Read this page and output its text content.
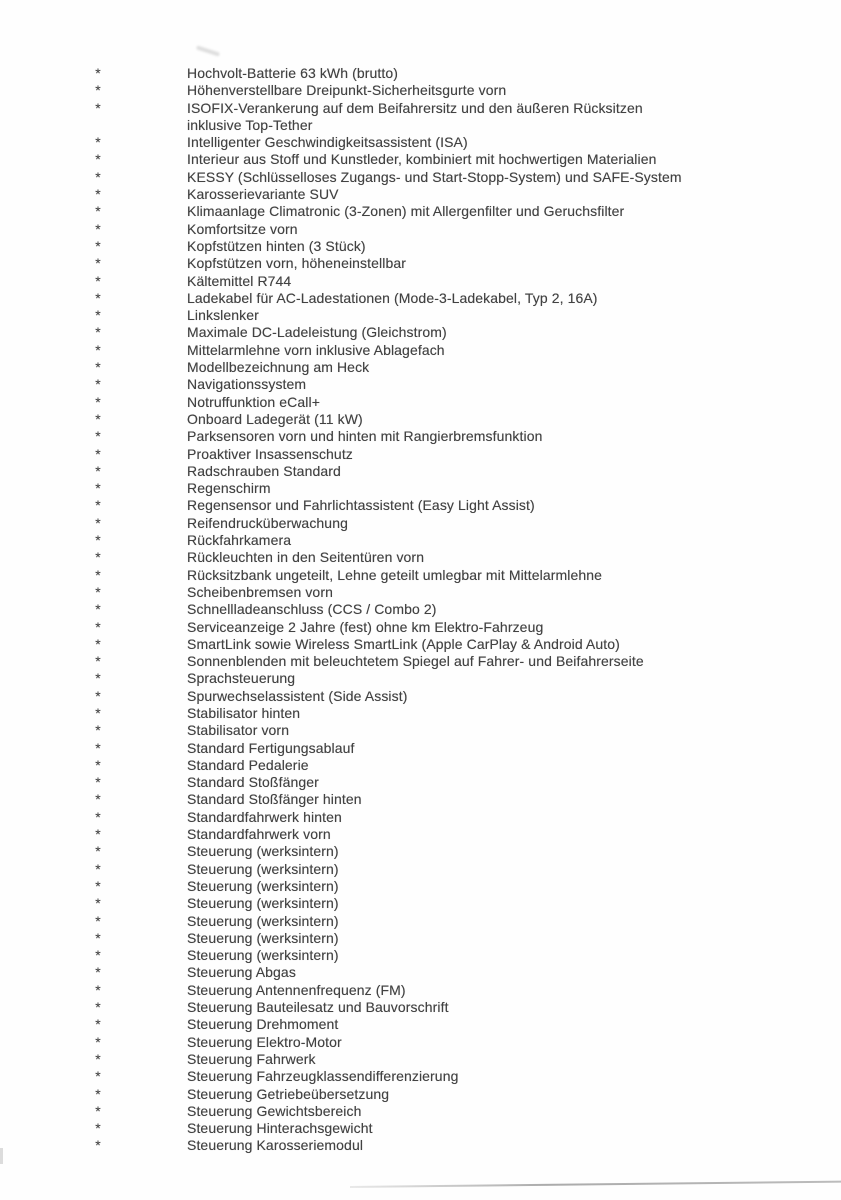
*	Hochvolt-Batterie 63 kWh (brutto)
*	Höhenverstellbare Dreipunkt-Sicherheitsgurte vorn
*	ISOFIX-Verankerung auf dem Beifahrersitz und den äußeren Rücksitzen
inklusive Top-Tether
*	Intelligenter Geschwindigkeitsassistent (ISA)
*	Interieur aus Stoff und Kunstleder, kombiniert mit hochwertigen Materialien
*	KESSY (Schlüsselloses Zugangs- und Start-Stopp-System) und SAFE-System
*	Karosserievariante SUV
*	Klimaanlage Climatronic (3-Zonen) mit Allergenfilter und Geruchsfilter
*	Komfortsitze vorn
*	Kopfstützen hinten (3 Stück)
*	Kopfstützen vorn, höheneinstellbar
*	Kältemittel R744
*	Ladekabel für AC-Ladestationen (Mode-3-Ladekabel, Typ 2, 16A)
*	Linkslenker
*	Maximale DC-Ladeleistung (Gleichstrom)
*	Mittelarmlehne vorn inklusive Ablagefach
*	Modellbezeichnung am Heck
*	Navigationssystem
*	Notruffunktion eCall+
*	Onboard Ladegerät (11 kW)
*	Parksensoren vorn und hinten mit Rangierbremsfunktion
*	Proaktiver Insassenschutz
*	Radschrauben Standard
*	Regenschirm
*	Regensensor und Fahrlichtassistent (Easy Light Assist)
*	Reifendrucküberwachung
*	Rückfahrkamera
*	Rückleuchten in den Seitentüren vorn
*	Rücksitzbank ungeteilt, Lehne geteilt umlegbar mit Mittelarmlehne
*	Scheibenbremsen vorn
*	Schnellladeanschluss (CCS / Combo 2)
*	Serviceanzeige 2 Jahre (fest) ohne km Elektro-Fahrzeug
*	SmartLink sowie Wireless SmartLink (Apple CarPlay & Android Auto)
*	Sonnenblenden mit beleuchtetem Spiegel auf Fahrer- und Beifahrerseite
*	Sprachsteuerung
*	Spurwechselassistent (Side Assist)
*	Stabilisator hinten
*	Stabilisator vorn
*	Standard Fertigungsablauf
*	Standard Pedalerie
*	Standard Stoßfänger
*	Standard Stoßfänger hinten
*	Standardfahrwerk hinten
*	Standardfahrwerk vorn
*	Steuerung (werksintern)
*	Steuerung (werksintern)
*	Steuerung (werksintern)
*	Steuerung (werksintern)
*	Steuerung (werksintern)
*	Steuerung (werksintern)
*	Steuerung (werksintern)
*	Steuerung Abgas
*	Steuerung Antennenfrequenz (FM)
*	Steuerung Bauteilesatz und Bauvorschrift
*	Steuerung Drehmoment
*	Steuerung Elektro-Motor
*	Steuerung Fahrwerk
*	Steuerung Fahrzeugklassendifferenzierung
*	Steuerung Getriebeübersetzung
*	Steuerung Gewichtsbereich
*	Steuerung Hinterachsgewicht
*	Steuerung Karosseriemodul
